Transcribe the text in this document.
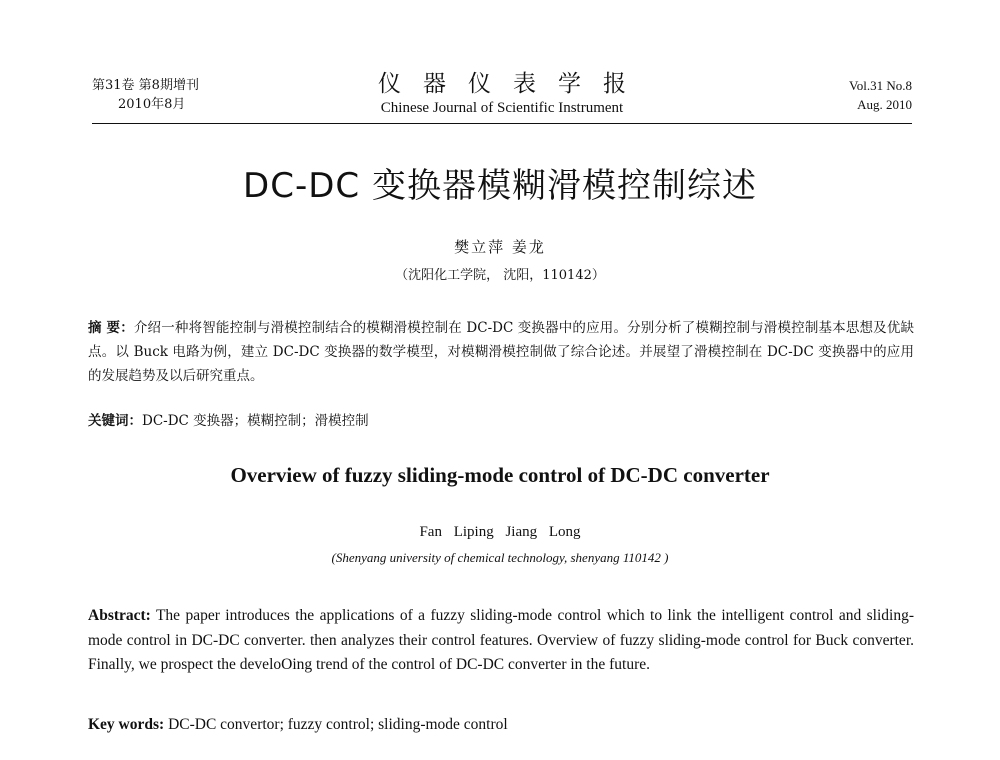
第31卷 第8期增刊
2010年8月
仪器仪表学报
Chinese Journal of Scientific Instrument
Vol.31 No.8
Aug. 2010
DC-DC 变换器模糊滑模控制综述
樊立萍 姜龙
（沈阳化工学院， 沈阳，110142）
摘 要：介绍一种将智能控制与滑模控制结合的模糊滑模控制在 DC-DC 变换器中的应用。分别分析了模糊控制与滑模控制基本思想及优缺点。以 Buck 电路为例，建立 DC-DC 变换器的数学模型，对模糊滑模控制做了综合论述。并展望了滑模控制在 DC-DC 变换器中的应用的发展趋势及以后研究重点。
关键词：DC-DC 变换器；模糊控制；滑模控制
Overview of fuzzy sliding-mode control of DC-DC converter
Fan Liping Jiang Long
(Shenyang university of chemical technology, shenyang 110142 )
Abstract: The paper introduces the applications of a fuzzy sliding-mode control which to link the intelligent control and sliding-mode control in DC-DC converter. then analyzes their control features. Overview of fuzzy sliding-mode control for Buck converter. Finally, we prospect the develoOing trend of the control of DC-DC converter in the future.
Key words: DC-DC convertor; fuzzy control; sliding-mode control
